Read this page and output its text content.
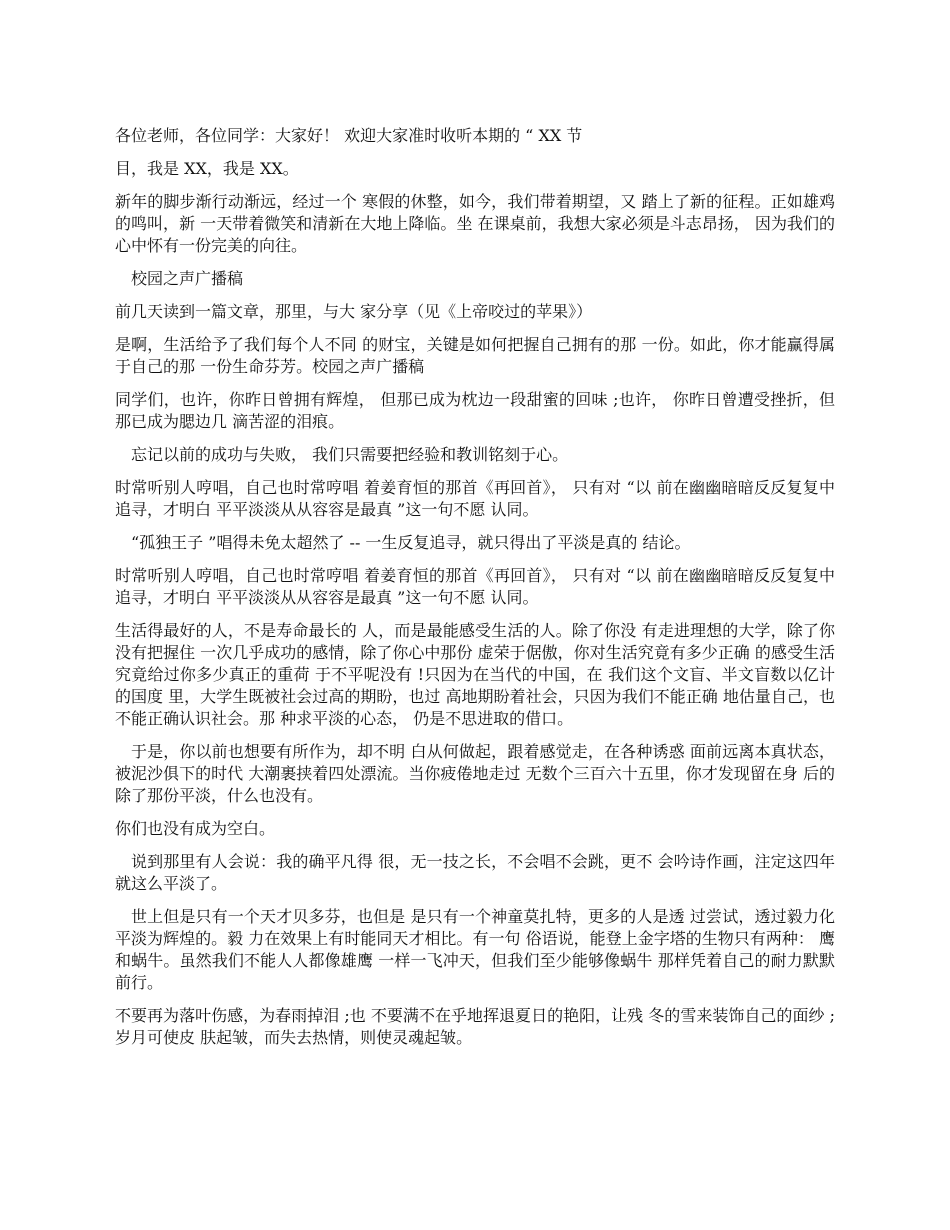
各位老师，各位同学：大家好！ 欢迎大家准时收听本期的 “ XX 节

目，我是 XX，我是 XX。

新年的脚步渐行动渐远，经过一个 寒假的休整，如今，我们带着期望，又 踏上了新的征程。正如雄鸡的鸣叫，新 一天带着微笑和清新在大地上降临。坐 在课桌前，我想大家必须是斗志昂扬， 因为我们的心中怀有一份完美的向往。

校园之声广播稿

前几天读到一篇文章，那里，与大 家分享（见《上帝咬过的苹果》）

是啊，生活给予了我们每个人不同 的财宝，关键是如何把握自己拥有的那 一份。如此，你才能赢得属于自己的那 一份生命芬芳。校园之声广播稿

同学们，也许，你昨日曾拥有辉煌， 但那已成为枕边一段甜蜜的回味 ;也许， 你昨日曾遭受挫折，但那已成为腮边几 滴苦涩的泪痕。

忘记以前的成功与失败， 我们只需要把经验和教训铭刻于心。

时常听别人哼唱，自己也时常哼唱 着姜育恒的那首《再回首》， 只有对 “以 前在幽幽暗暗反反复复中追寻，才明白 平平淡淡从从容容是最真 ”这一句不愿 认同。

“孤独王子 ”唱得未免太超然了 -- 一生反复追寻，就只得出了平淡是真的 结论。

时常听别人哼唱，自己也时常哼唱 着姜育恒的那首《再回首》， 只有对 “以 前在幽幽暗暗反反复复中追寻，才明白 平平淡淡从从容容是最真 ”这一句不愿 认同。

生活得最好的人，不是寿命最长的 人，而是最能感受生活的人。除了你没 有走进理想的大学，除了你没有把握住 一次几乎成功的感情，除了你心中那份 虚荣于倨傲，你对生活究竟有多少正确 的感受生活究竟给过你多少真正的重荷 于不平呢没有 !只因为在当代的中国，在 我们这个文盲、半文盲数以亿计的国度 里，大学生既被社会过高的期盼，也过 高地期盼着社会，只因为我们不能正确 地估量自己，也不能正确认识社会。那 种求平淡的心态， 仍是不思进取的借口。

于是，你以前也想要有所作为，却不明 白从何做起，跟着感觉走，在各种诱惑 面前远离本真状态，被泥沙俱下的时代 大潮裹挟着四处漂流。当你疲倦地走过 无数个三百六十五里，你才发现留在身 后的除了那份平淡，什么也没有。

你们也没有成为空白。

说到那里有人会说：我的确平凡得 很，无一技之长，不会唱不会跳，更不 会吟诗作画，注定这四年就这么平淡了。

世上但是只有一个天才贝多芬，也但是 是只有一个神童莫扎特，更多的人是透 过尝试，透过毅力化平淡为辉煌的。毅 力在效果上有时能同天才相比。有一句 俗语说，能登上金字塔的生物只有两种： 鹰和蜗牛。虽然我们不能人人都像雄鹰 一样一飞冲天，但我们至少能够像蜗牛 那样凭着自己的耐力默默前行。

不要再为落叶伤感，为春雨掉泪 ;也 不要满不在乎地挥退夏日的艳阳，让残 冬的雪来装饰自己的面纱 ;岁月可使皮 肤起皱，而失去热情，则使灵魂起皱。
